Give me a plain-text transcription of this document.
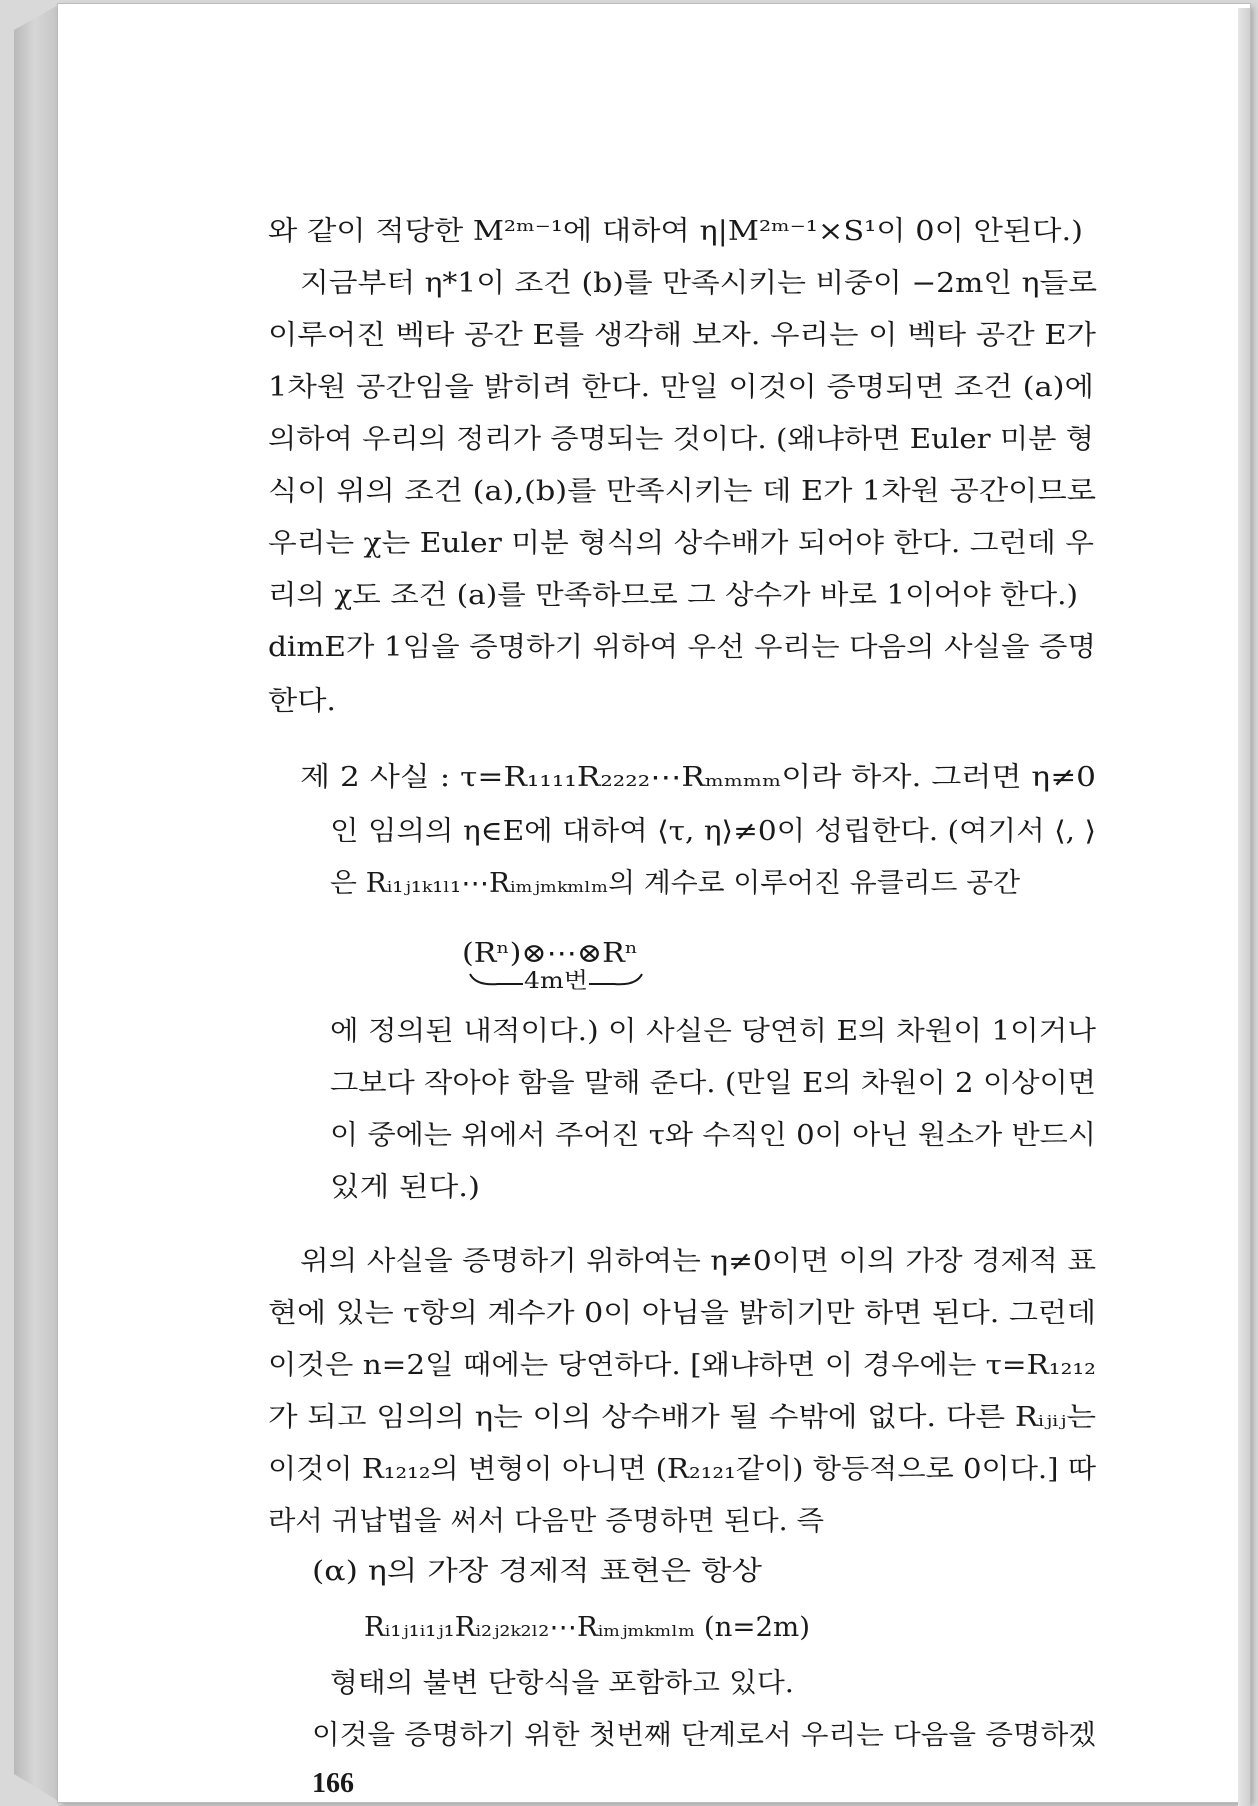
와 같이 적당한 M²ᵐ⁻¹에 대하여 η|M²ᵐ⁻¹×S¹이 0이 안된다.)
지금부터 η*1이 조건 (b)를 만족시키는 비중이 −2m인 η들로
이루어진 벡타 공간 E를 생각해 보자. 우리는 이 벡타 공간 E가
1차원 공간임을 밝히려 한다. 만일 이것이 증명되면 조건 (a)에
의하여 우리의 정리가 증명되는 것이다. (왜냐하면 Euler 미분 형
식이 위의 조건 (a),(b)를 만족시키는 데 E가 1차원 공간이므로
우리는 χ는 Euler 미분 형식의 상수배가 되어야 한다. 그런데 우
리의 χ도 조건 (a)를 만족하므로 그 상수가 바로 1이어야 한다.)
dimE가 1임을 증명하기 위하여 우선 우리는 다음의 사실을 증명
한다.
제 2 사실 : τ=R₁₁₁₁R₂₂₂₂⋯Rₘₘₘₘ이라 하자. 그러면 η≠0
인 임의의 η∈E에 대하여 ⟨τ, η⟩≠0이 성립한다. (여기서 ⟨, ⟩
은 Rᵢ₁ⱼ₁ₖ₁ₗ₁⋯Rᵢₘⱼₘₖₘₗₘ의 계수로 이루어진 유클리드 공간
(Rⁿ)⊗⋯⊗Rⁿ
4m번
에 정의된 내적이다.) 이 사실은 당연히 E의 차원이 1이거나
그보다 작아야 함을 말해 준다. (만일 E의 차원이 2 이상이면
이 중에는 위에서 주어진 τ와 수직인 0이 아닌 원소가 반드시
있게 된다.)
위의 사실을 증명하기 위하여는 η≠0이면 이의 가장 경제적 표
현에 있는 τ항의 계수가 0이 아님을 밝히기만 하면 된다. 그런데
이것은 n=2일 때에는 당연하다. [왜냐하면 이 경우에는 τ=R₁₂₁₂
가 되고 임의의 η는 이의 상수배가 될 수밖에 없다. 다른 Rᵢⱼᵢⱼ는
이것이 R₁₂₁₂의 변형이 아니면 (R₂₁₂₁같이) 항등적으로 0이다.] 따
라서 귀납법을 써서 다음만 증명하면 된다. 즉
(α) η의 가장 경제적 표현은 항상
Rᵢ₁ⱼ₁ᵢ₁ⱼ₁Rᵢ₂ⱼ₂ₖ₂ₗ₂⋯Rᵢₘⱼₘₖₘₗₘ (n=2m)
형태의 불변 단항식을 포함하고 있다.
이것을 증명하기 위한 첫번째 단계로서 우리는 다음을 증명하겠
166
